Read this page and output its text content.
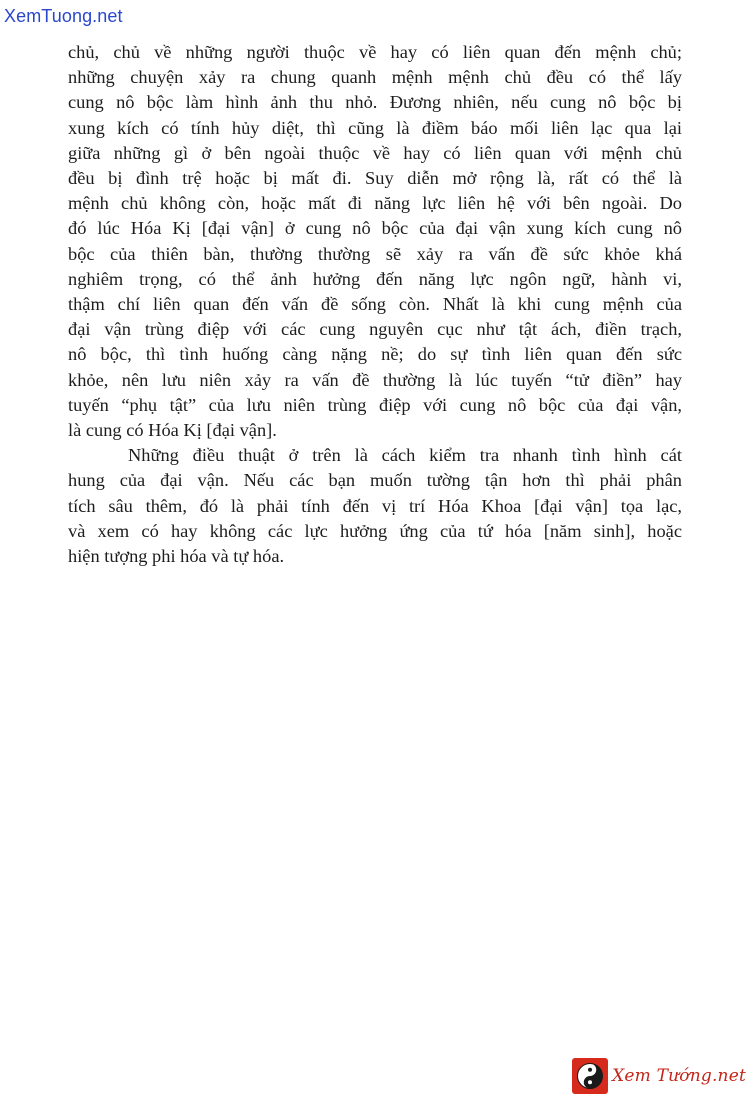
XemTuong.net
chủ, chủ về những người thuộc về hay có liên quan đến mệnh chủ;
những chuyện xảy ra chung quanh mệnh mệnh chủ đều có thể lấy
cung nô bộc làm hình ảnh thu nhỏ. Đương nhiên, nếu cung nô bộc bị
xung kích có tính hủy diệt, thì cũng là điềm báo mối liên lạc qua lại
giữa những gì ở bên ngoài thuộc về hay có liên quan với mệnh chủ
đều bị đình trệ hoặc bị mất đi. Suy diễn mở rộng là, rất có thể là
mệnh chủ không còn, hoặc mất đi năng lực liên hệ với bên ngoài. Do
đó lúc Hóa Kị [đại vận] ở cung nô bộc của đại vận xung kích cung nô
bộc của thiên bàn, thường thường sẽ xảy ra vấn đề sức khỏe khá
nghiêm trọng, có thể ảnh hưởng đến năng lực ngôn ngữ, hành vi,
thậm chí liên quan đến vấn đề sống còn. Nhất là khi cung mệnh của
đại vận trùng điệp với các cung nguyên cục như tật ách, điền trạch,
nô bộc, thì tình huống càng nặng nề; do sự tình liên quan đến sức
khỏe, nên lưu niên xảy ra vấn đề thường là lúc tuyến “tử điền” hay
tuyến “phụ tật” của lưu niên trùng điệp với cung nô bộc của đại vận,
là cung có Hóa Kị [đại vận].
Những điều thuật ở trên là cách kiểm tra nhanh tình hình cát
hung của đại vận. Nếu các bạn muốn tường tận hơn thì phải phân
tích sâu thêm, đó là phải tính đến vị trí Hóa Khoa [đại vận] tọa lạc,
và xem có hay không các lực hưởng ứng của tứ hóa [năm sinh], hoặc
hiện tượng phi hóa và tự hóa.
Xem Tướng.net
